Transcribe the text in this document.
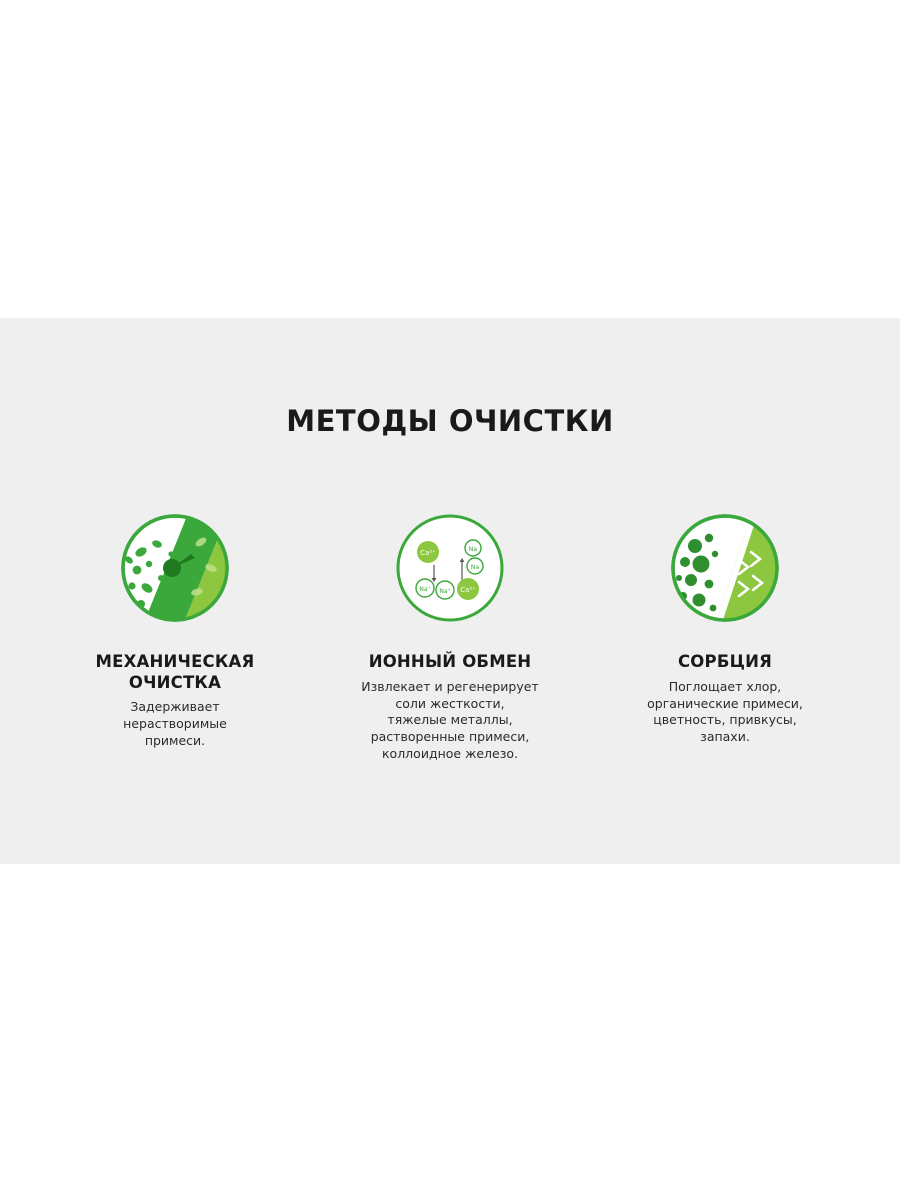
МЕТОДЫ ОЧИСТКИ
МЕХАНИЧЕСКАЯ ОЧИСТКА
Задерживает
нерастворимые
примеси.
Ca²⁺	Na
Na
Na⁺ Na⁺ Ca²⁺
ИОННЫЙ ОБМЕН
Извлекает и регенерирует
соли жесткости,
тяжелые металлы,
растворенные примеси,
коллоидное железо.
СОРБЦИЯ
Поглощает хлор,
органические примеси,
цветность, привкусы,
запахи.
